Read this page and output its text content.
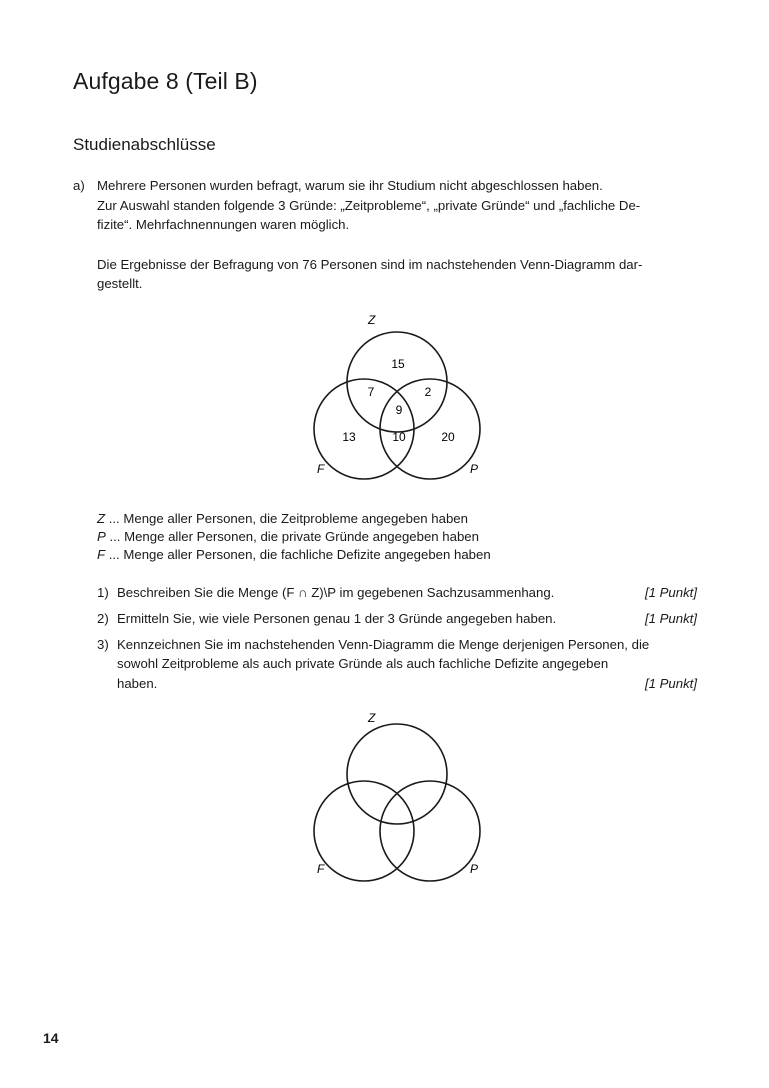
Aufgabe 8 (Teil B)
Studienabschlüsse
a) Mehrere Personen wurden befragt, warum sie ihr Studium nicht abgeschlossen haben.
Zur Auswahl standen folgende 3 Gründe: „Zeitprobleme“, „private Gründe“ und „fachliche De-
fizite“. Mehrfachnennungen waren möglich.
Die Ergebnisse der Befragung von 76 Personen sind im nachstehenden Venn-Diagramm dar-
gestellt.
Z
F	P
15
7	2
9
13	10	20
Z
F	P
Z ... Menge aller Personen, die Zeitprobleme angegeben haben
P ... Menge aller Personen, die private Gründe angegeben haben
F ... Menge aller Personen, die fachliche Defizite angegeben haben
1) Beschreiben Sie die Menge (F ∩ Z)\P im gegebenen Sachzusammenhang.	[1 Punkt]
2) Ermitteln Sie, wie viele Personen genau 1 der 3 Gründe angegeben haben.	[1 Punkt]
3) Kennzeichnen Sie im nachstehenden Venn-Diagramm die Menge derjenigen Personen, die
sowohl Zeitprobleme als auch private Gründe als auch fachliche Defizite angegeben
haben.	[1 Punkt]
14
